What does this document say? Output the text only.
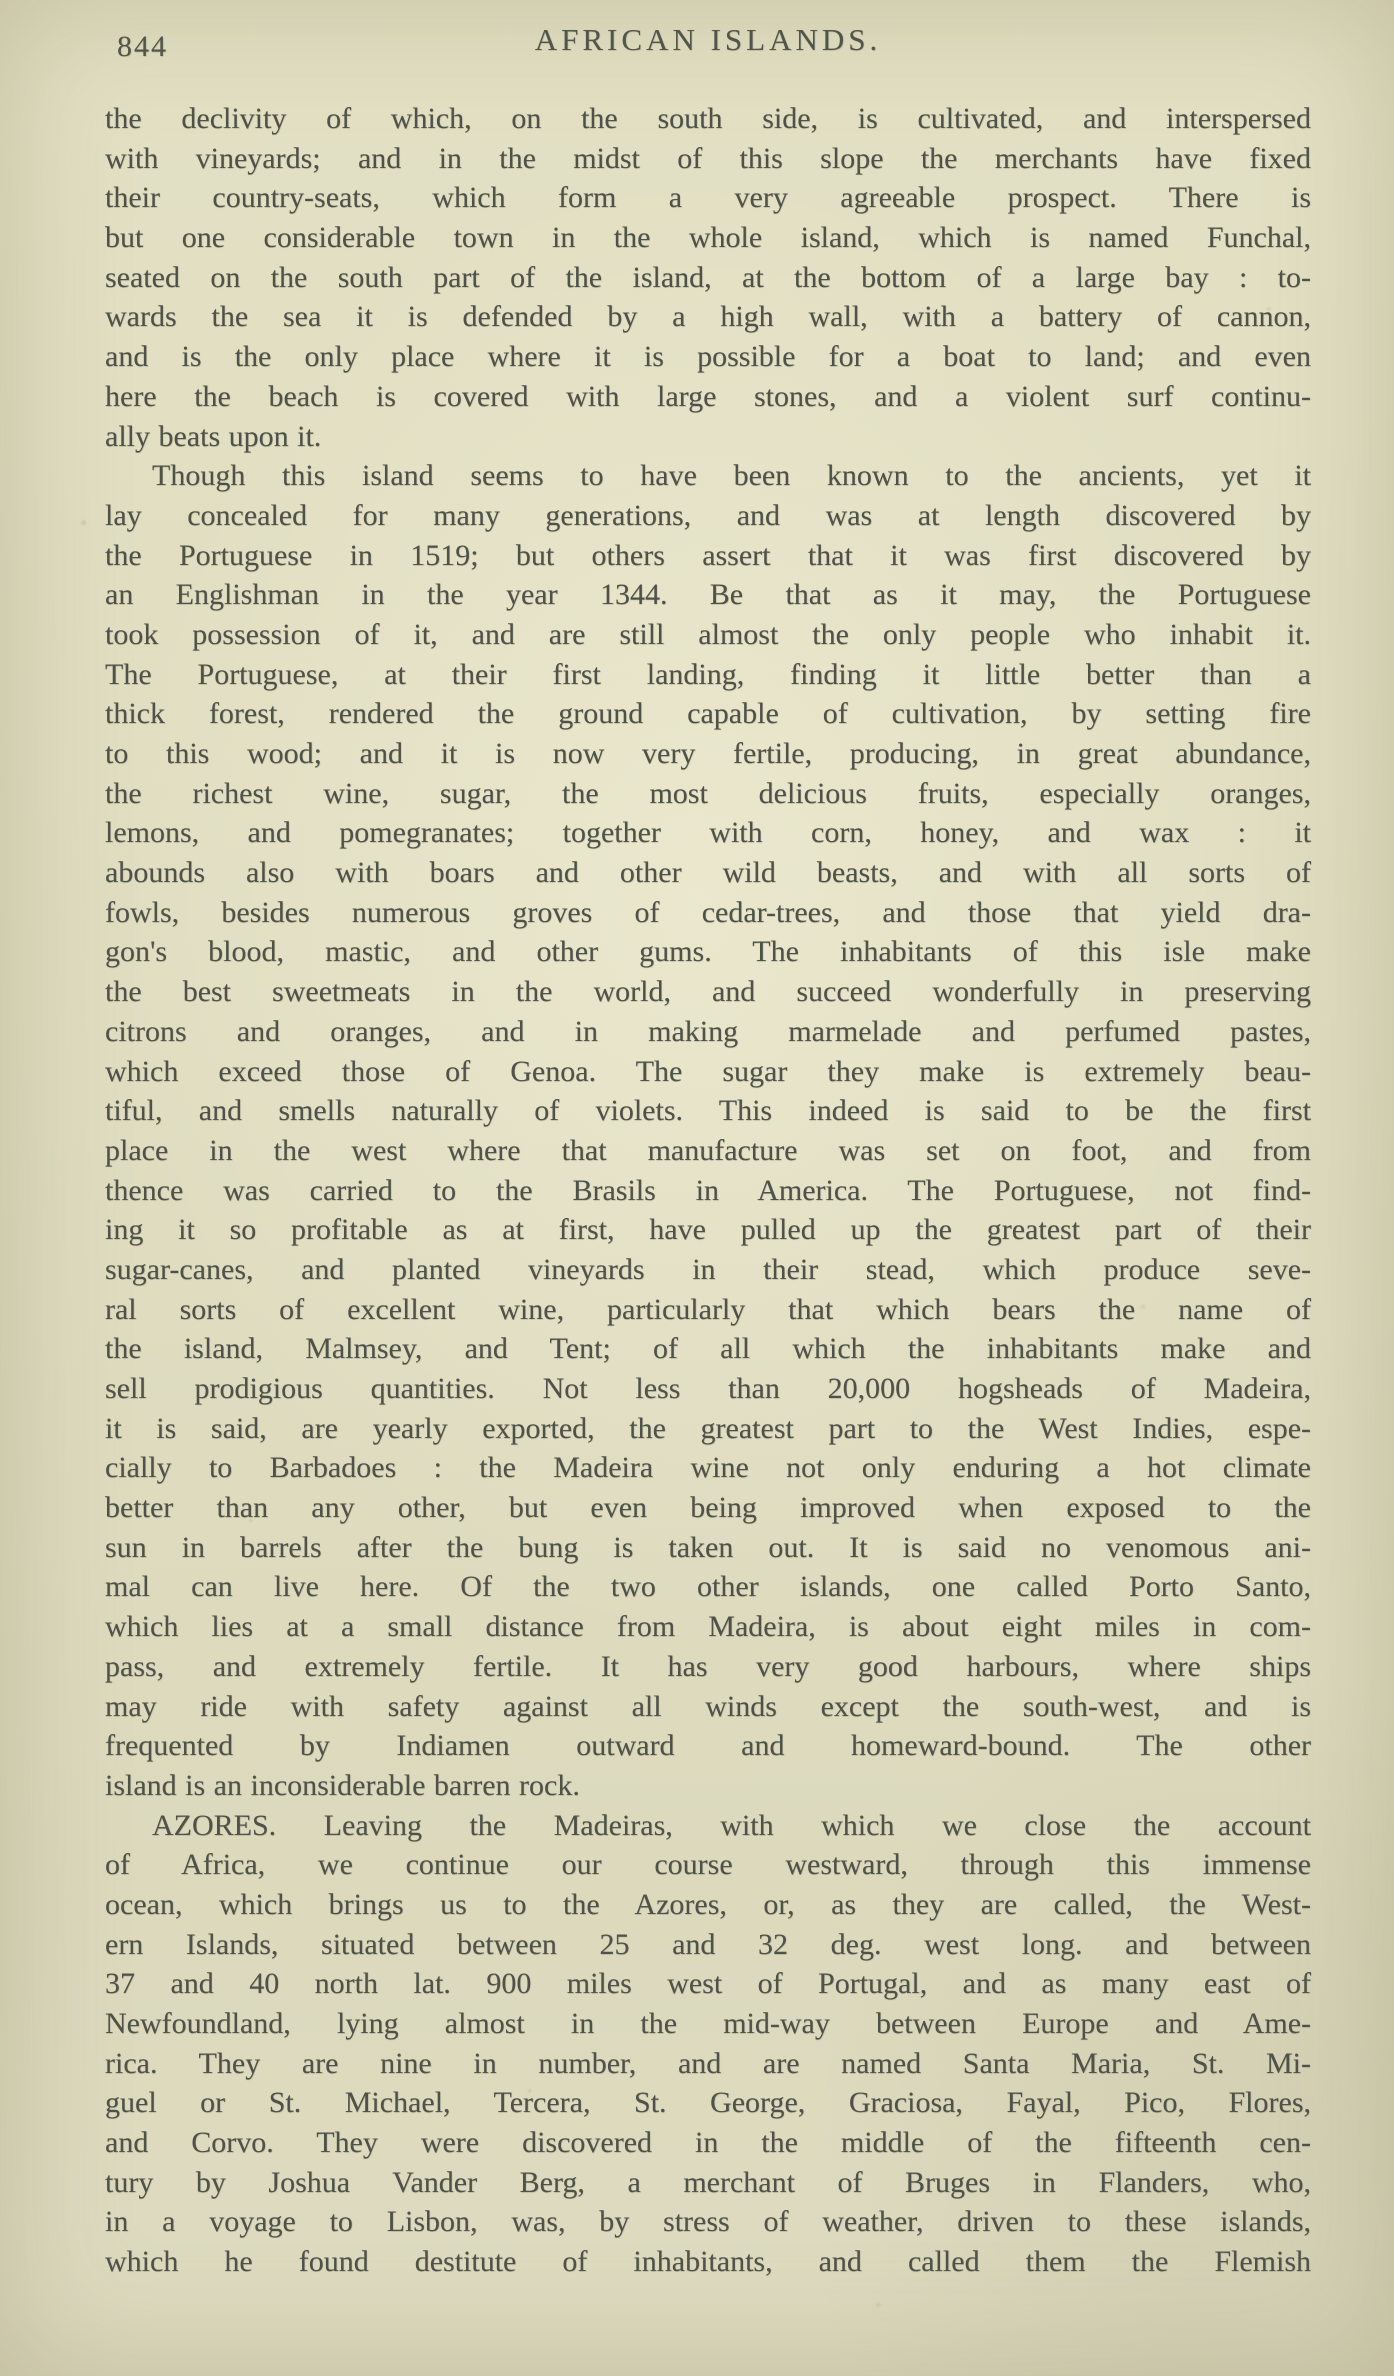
844	AFRICAN ISLANDS.
the declivity of which, on the south side, is cultivated, and interspersed
with vineyards; and in the midst of this slope the merchants have fixed
their country-seats, which form a very agreeable prospect. There is
but one considerable town in the whole island, which is named Funchal,
seated on the south part of the island, at the bottom of a large bay : to-
wards the sea it is defended by a high wall, with a battery of cannon,
and is the only place where it is possible for a boat to land; and even
here the beach is covered with large stones, and a violent surf continu-
ally beats upon it.
Though this island seems to have been known to the ancients, yet it
lay concealed for many generations, and was at length discovered by
the Portuguese in 1519; but others assert that it was first discovered by
an Englishman in the year 1344. Be that as it may, the Portuguese
took possession of it, and are still almost the only people who inhabit it.
The Portuguese, at their first landing, finding it little better than a
thick forest, rendered the ground capable of cultivation, by setting fire
to this wood; and it is now very fertile, producing, in great abundance,
the richest wine, sugar, the most delicious fruits, especially oranges,
lemons, and pomegranates; together with corn, honey, and wax : it
abounds also with boars and other wild beasts, and with all sorts of
fowls, besides numerous groves of cedar-trees, and those that yield dra-
gon's blood, mastic, and other gums. The inhabitants of this isle make
the best sweetmeats in the world, and succeed wonderfully in preserving
citrons and oranges, and in making marmelade and perfumed pastes,
which exceed those of Genoa. The sugar they make is extremely beau-
tiful, and smells naturally of violets. This indeed is said to be the first
place in the west where that manufacture was set on foot, and from
thence was carried to the Brasils in America. The Portuguese, not find-
ing it so profitable as at first, have pulled up the greatest part of their
sugar-canes, and planted vineyards in their stead, which produce seve-
ral sorts of excellent wine, particularly that which bears the name of
the island, Malmsey, and Tent; of all which the inhabitants make and
sell prodigious quantities. Not less than 20,000 hogsheads of Madeira,
it is said, are yearly exported, the greatest part to the West Indies, espe-
cially to Barbadoes : the Madeira wine not only enduring a hot climate
better than any other, but even being improved when exposed to the
sun in barrels after the bung is taken out. It is said no venomous ani-
mal can live here. Of the two other islands, one called Porto Santo,
which lies at a small distance from Madeira, is about eight miles in com-
pass, and extremely fertile. It has very good harbours, where ships
may ride with safety against all winds except the south-west, and is
frequented by Indiamen outward and homeward-bound. The other
island is an inconsiderable barren rock.
AZORES. Leaving the Madeiras, with which we close the account
of Africa, we continue our course westward, through this immense
ocean, which brings us to the Azores, or, as they are called, the West-
ern Islands, situated between 25 and 32 deg. west long. and between
37 and 40 north lat. 900 miles west of Portugal, and as many east of
Newfoundland, lying almost in the mid-way between Europe and Ame-
rica. They are nine in number, and are named Santa Maria, St. Mi-
guel or St. Michael, Tercera, St. George, Graciosa, Fayal, Pico, Flores,
and Corvo. They were discovered in the middle of the fifteenth cen-
tury by Joshua Vander Berg, a merchant of Bruges in Flanders, who,
in a voyage to Lisbon, was, by stress of weather, driven to these islands,
which he found destitute of inhabitants, and called them the Flemish
